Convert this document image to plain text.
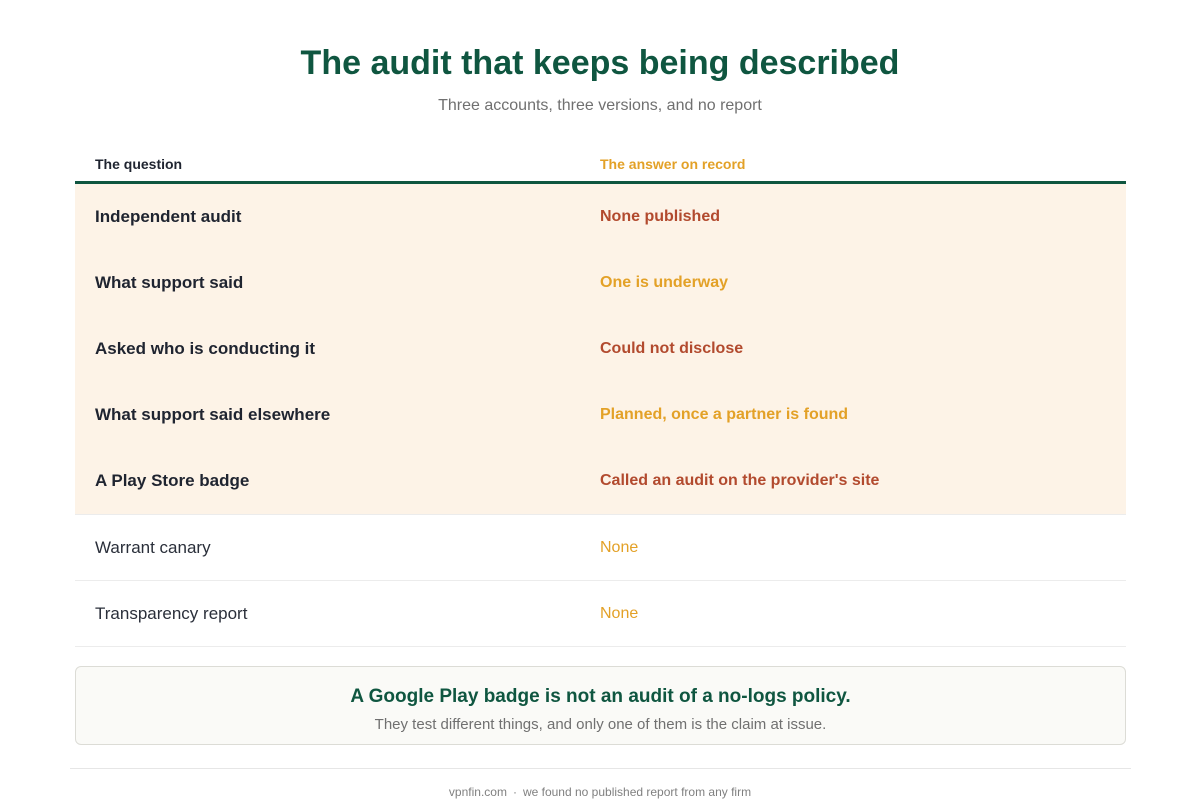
The audit that keeps being described
Three accounts, three versions, and no report
The question	The answer on record
Independent audit	None published
What support said	One is underway
Asked who is conducting it	Could not disclose
What support said elsewhere	Planned, once a partner is found
A Play Store badge	Called an audit on the provider's site
Warrant canary	None
Transparency report	None
A Google Play badge is not an audit of a no-logs policy.
They test different things, and only one of them is the claim at issue.
vpnfin.com · we found no published report from any firm
